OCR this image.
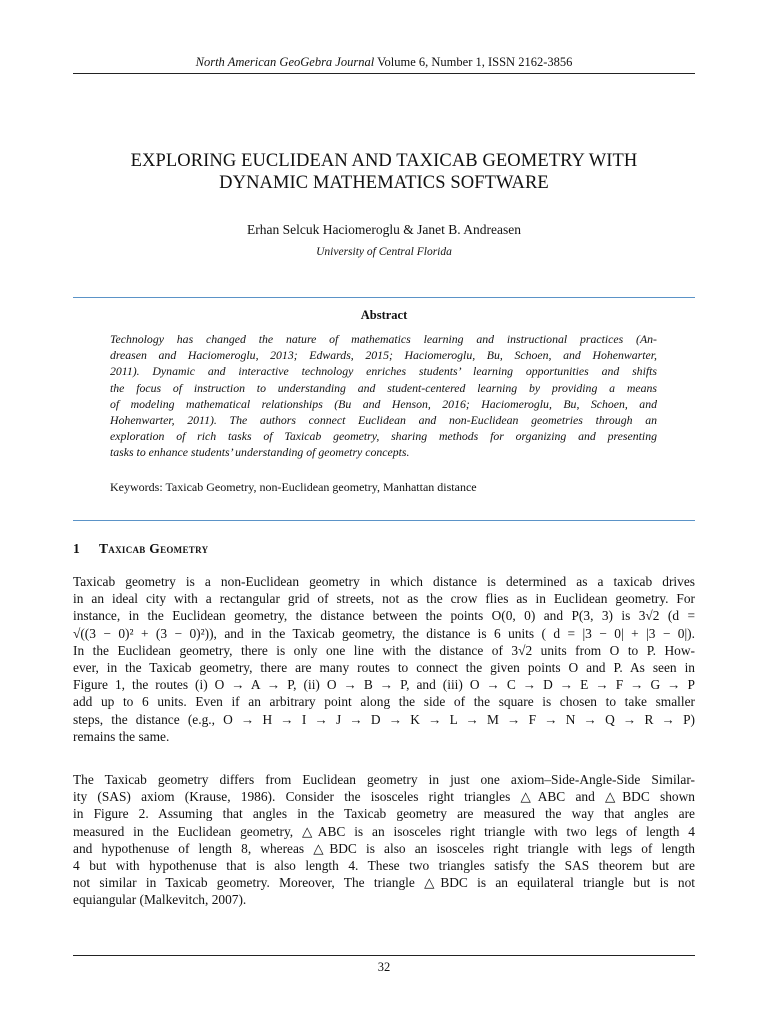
North American GeoGebra Journal Volume 6, Number 1, ISSN 2162-3856
EXPLORING EUCLIDEAN AND TAXICAB GEOMETRY WITH
DYNAMIC MATHEMATICS SOFTWARE
Erhan Selcuk Haciomeroglu & Janet B. Andreasen
University of Central Florida
Abstract
Technology has changed the nature of mathematics learning and instructional practices (An-
dreasen and Haciomeroglu, 2013; Edwards, 2015; Haciomeroglu, Bu, Schoen, and Hohenwarter,
2011). Dynamic and interactive technology enriches students’ learning opportunities and shifts
the focus of instruction to understanding and student-centered learning by providing a means
of modeling mathematical relationships (Bu and Henson, 2016; Haciomeroglu, Bu, Schoen, and
Hohenwarter, 2011). The authors connect Euclidean and non-Euclidean geometries through an
exploration of rich tasks of Taxicab geometry, sharing methods for organizing and presenting
tasks to enhance students’ understanding of geometry concepts.
Keywords: Taxicab Geometry, non-Euclidean geometry, Manhattan distance
1 Taxicab Geometry
Taxicab geometry is a non-Euclidean geometry in which distance is determined as a taxicab drives
in an ideal city with a rectangular grid of streets, not as the crow flies as in Euclidean geometry. For
instance, in the Euclidean geometry, the distance between the points O(0, 0) and P(3, 3) is 3√2 (d =
√((3 − 0)² + (3 − 0)²)), and in the Taxicab geometry, the distance is 6 units ( d = |3 − 0| + |3 − 0|).
In the Euclidean geometry, there is only one line with the distance of 3√2 units from O to P. How-
ever, in the Taxicab geometry, there are many routes to connect the given points O and P. As seen in
Figure 1, the routes (i) O → A → P, (ii) O → B → P, and (iii) O → C → D → E → F → G → P
add up to 6 units. Even if an arbitrary point along the side of the square is chosen to take smaller
steps, the distance (e.g., O → H → I → J → D → K → L → M → F → N → Q → R → P)
remains the same.
The Taxicab geometry differs from Euclidean geometry in just one axiom–Side-Angle-Side Similar-
ity (SAS) axiom (Krause, 1986). Consider the isosceles right triangles △ABC and △BDC shown
in Figure 2. Assuming that angles in the Taxicab geometry are measured the way that angles are
measured in the Euclidean geometry, △ABC is an isosceles right triangle with two legs of length 4
and hypothenuse of length 8, whereas △BDC is also an isosceles right triangle with legs of length
4 but with hypothenuse that is also length 4. These two triangles satisfy the SAS theorem but are
not similar in Taxicab geometry. Moreover, The triangle △BDC is an equilateral triangle but is not
equiangular (Malkevitch, 2007).
32
